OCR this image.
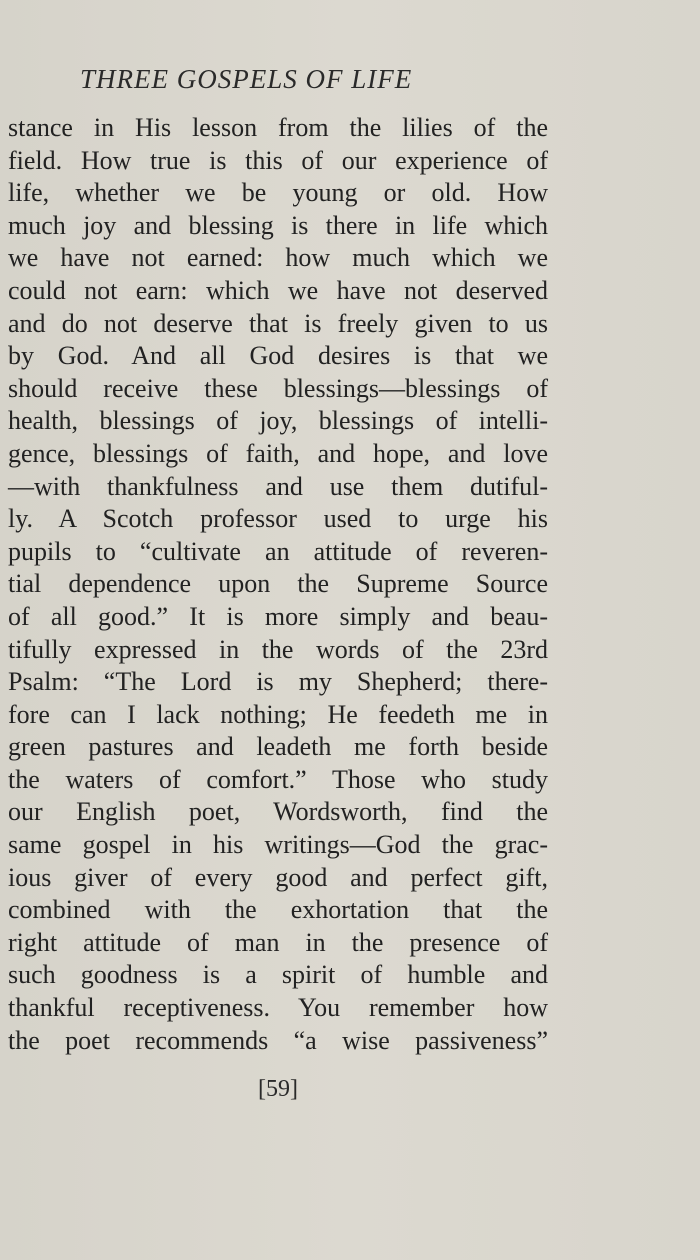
THREE GOSPELS OF LIFE
stance in His lesson from the lilies of the
field. How true is this of our experience of
life, whether we be young or old. How
much joy and blessing is there in life which
we have not earned: how much which we
could not earn: which we have not deserved
and do not deserve that is freely given to us
by God. And all God desires is that we
should receive these blessings—blessings of
health, blessings of joy, blessings of intelli-
gence, blessings of faith, and hope, and love
—with thankfulness and use them dutiful-
ly. A Scotch professor used to urge his
pupils to “cultivate an attitude of reveren-
tial dependence upon the Supreme Source
of all good.” It is more simply and beau-
tifully expressed in the words of the 23rd
Psalm: “The Lord is my Shepherd; there-
fore can I lack nothing; He feedeth me in
green pastures and leadeth me forth beside
the waters of comfort.” Those who study
our English poet, Wordsworth, find the
same gospel in his writings—God the grac-
ious giver of every good and perfect gift,
combined with the exhortation that the
right attitude of man in the presence of
such goodness is a spirit of humble and
thankful receptiveness. You remember how
the poet recommends “a wise passiveness”
[59]
